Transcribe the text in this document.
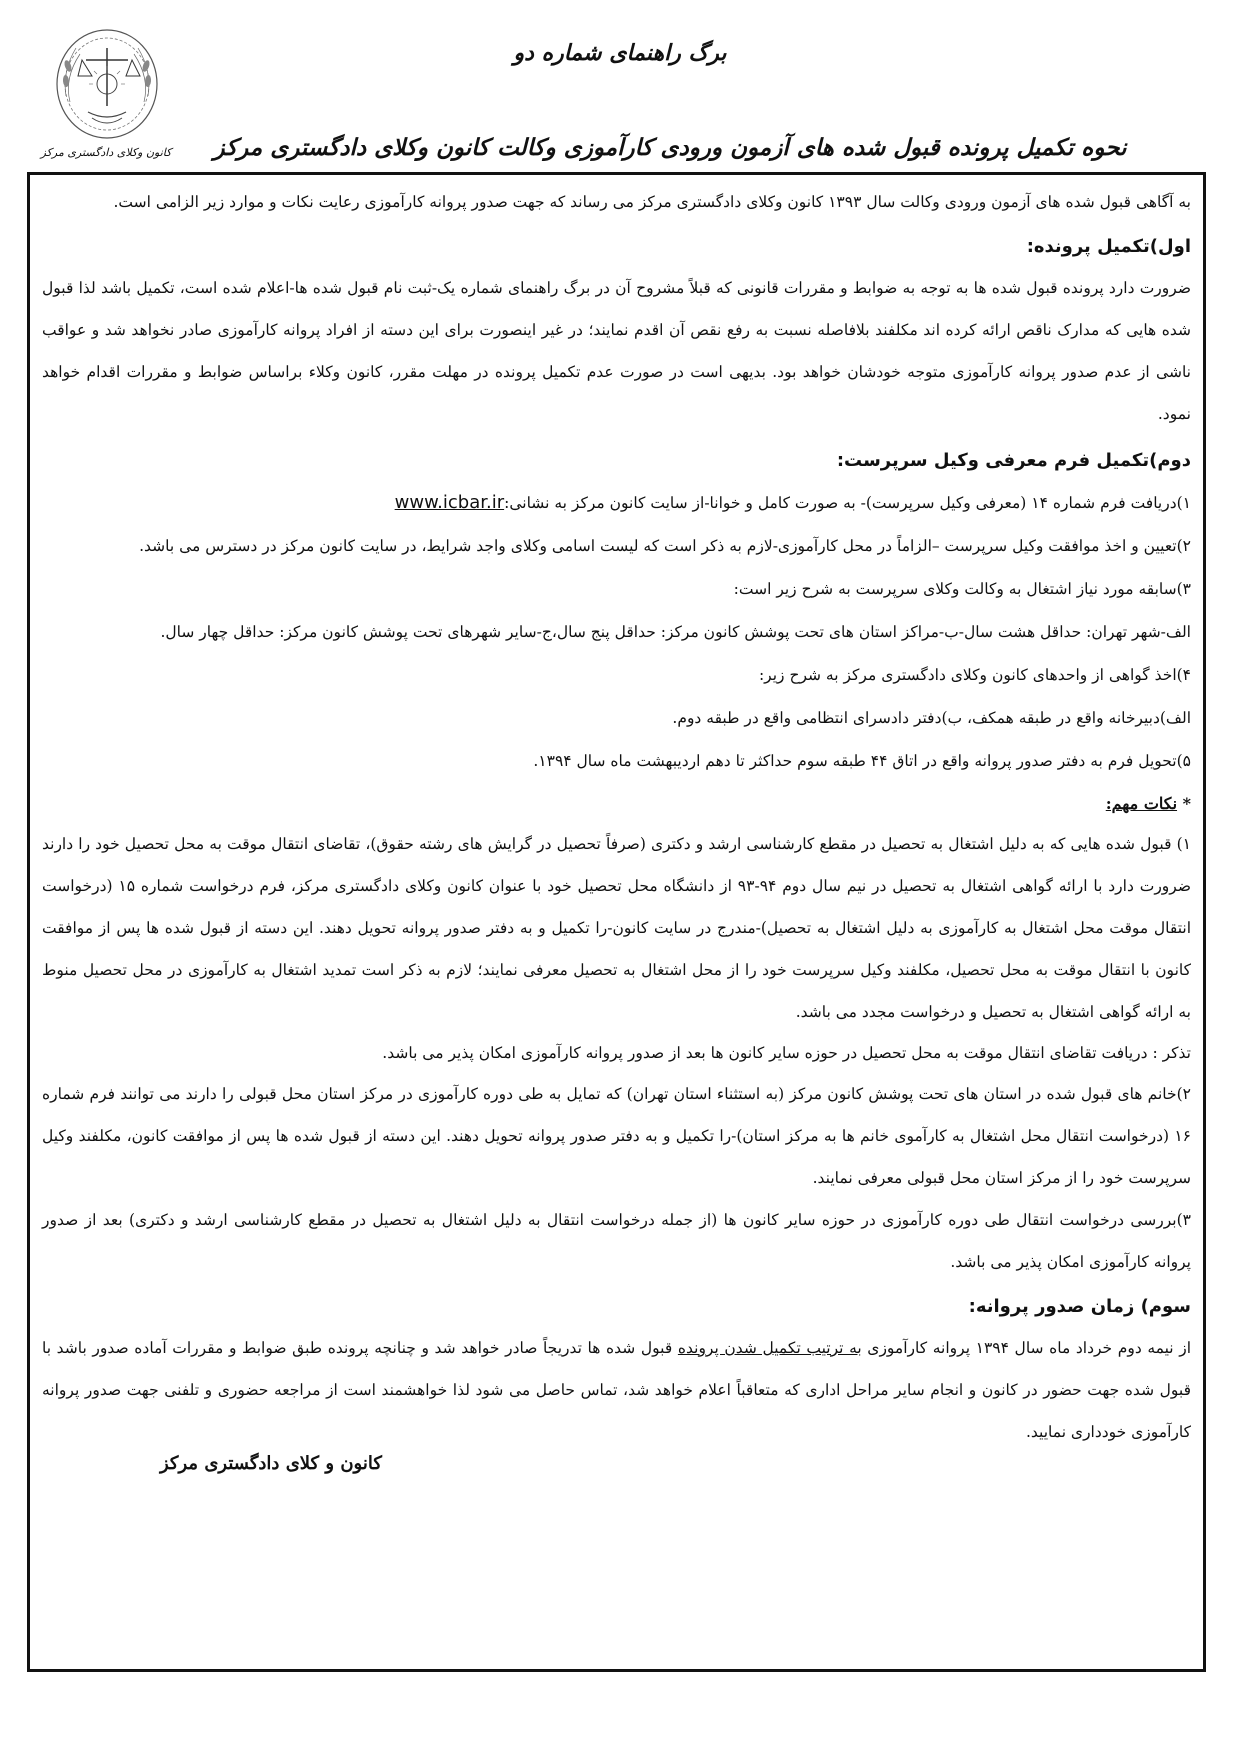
کانون وکلای دادگستری مرکز
برگ راهنمای شماره دو
نحوه تکمیل پرونده قبول شده های آزمون ورودی کارآموزی وکالت کانون وکلای دادگستری مرکز

به آگاهی قبول شده های آزمون ورودی وکالت سال ۱۳۹۳ کانون وکلای دادگستری مرکز می رساند که جهت صدور پروانه کارآموزی رعایت نکات و موارد زیر الزامی است.

اول)تکمیل پرونده:

ضرورت دارد پرونده قبول شده ها به توجه به ضوابط و مقررات قانونی که قبلاً مشروح آن در برگ راهنمای شماره یک-ثبت نام قبول شده ها-اعلام شده است، تکمیل باشد لذا قبول شده هایی که مدارک ناقص ارائه کرده اند مکلفند بلافاصله نسبت به رفع نقص آن اقدم نمایند؛ در غیر اینصورت برای این دسته از افراد پروانه کارآموزی صادر نخواهد شد و عواقب ناشی از عدم صدور پروانه کارآموزی متوجه خودشان خواهد بود. بدیهی است در صورت عدم تکمیل پرونده در مهلت مقرر، کانون وکلاء براساس ضوابط و مقررات اقدام خواهد نمود.

دوم)تکمیل فرم معرفی وکیل سرپرست:

۱)دریافت فرم شماره ۱۴ (معرفی وکیل سرپرست)- به صورت کامل و خوانا-از سایت کانون مرکز به نشانی:www.icbar.ir

۲)تعیین و اخذ موافقت وکیل سرپرست –الزاماً در محل کارآموزی-لازم به ذکر است که لیست اسامی وکلای واجد شرایط، در سایت کانون مرکز در دسترس می باشد.

۳)سابقه مورد نیاز اشتغال به وکالت وکلای سرپرست به شرح زیر است:

الف-شهر تهران: حداقل هشت سال-ب-مراکز استان های تحت پوشش کانون مرکز: حداقل پنج سال،ج-سایر شهرهای تحت پوشش کانون مرکز: حداقل چهار سال.

۴)اخذ گواهی از واحدهای کانون وکلای دادگستری مرکز به شرح زیر:

الف)دبیرخانه واقع در طبقه همکف، ب)دفتر دادسرای انتظامی واقع در طبقه دوم.

۵)تحویل فرم به دفتر صدور پروانه واقع در اتاق ۴۴ طبقه سوم حداکثر تا دهم اردیبهشت ماه سال ۱۳۹۴.

* نکات مهم:

۱) قبول شده هایی که به دلیل اشتغال به تحصیل در مقطع کارشناسی ارشد و دکتری (صرفاً تحصیل در گرایش های رشته حقوق)، تقاضای انتقال موقت به محل تحصیل خود را دارند ضرورت دارد با ارائه گواهی اشتغال به تحصیل در نیم سال دوم ۹۴-۹۳ از دانشگاه محل تحصیل خود با عنوان کانون وکلای دادگستری مرکز، فرم درخواست شماره ۱۵ (درخواست انتقال موقت محل اشتغال به کارآموزی به دلیل اشتغال به تحصیل)-مندرج در سایت کانون-را تکمیل و به دفتر صدور پروانه تحویل دهند. این دسته از قبول شده ها پس از موافقت کانون با انتقال موقت به محل تحصیل، مکلفند وکیل سرپرست خود را از محل اشتغال به تحصیل معرفی نمایند؛ لازم به ذکر است تمدید اشتغال به کارآموزی در محل تحصیل منوط به ارائه گواهی اشتغال به تحصیل و درخواست مجدد می باشد.

تذکر : دریافت تقاضای انتقال موقت به محل تحصیل در حوزه سایر کانون ها بعد از صدور پروانه کارآموزی امکان پذیر می باشد.

۲)خانم های قبول شده در استان های تحت پوشش کانون مرکز (به استثناء استان تهران) که تمایل به طی دوره کارآموزی در مرکز استان محل قبولی را دارند می توانند فرم شماره ۱۶ (درخواست انتقال محل اشتغال به کارآموی خانم ها به مرکز استان)-را تکمیل و به دفتر صدور پروانه تحویل دهند. این دسته از قبول شده ها پس از موافقت کانون، مکلفند وکیل سرپرست خود را از مرکز استان محل قبولی معرفی نمایند.

۳)بررسی درخواست انتقال طی دوره کارآموزی در حوزه سایر کانون ها (از جمله درخواست انتقال به دلیل اشتغال به تحصیل در مقطع کارشناسی ارشد و دکتری) بعد از صدور پروانه کارآموزی امکان پذیر می باشد.

سوم) زمان صدور پروانه:

از نیمه دوم خرداد ماه سال ۱۳۹۴ پروانه کارآموزی به ترتیب تکمیل شدن پرونده قبول شده ها تدریجاً صادر خواهد شد و چنانچه پرونده طبق ضوابط و مقررات آماده صدور باشد با قبول شده جهت حضور در کانون و انجام سایر مراحل اداری که متعاقباً اعلام خواهد شد، تماس حاصل می شود لذا خواهشمند است از مراجعه حضوری و تلفنی جهت صدور پروانه کارآموزی خودداری نمایید.

کانون و کلای دادگستری مرکز
